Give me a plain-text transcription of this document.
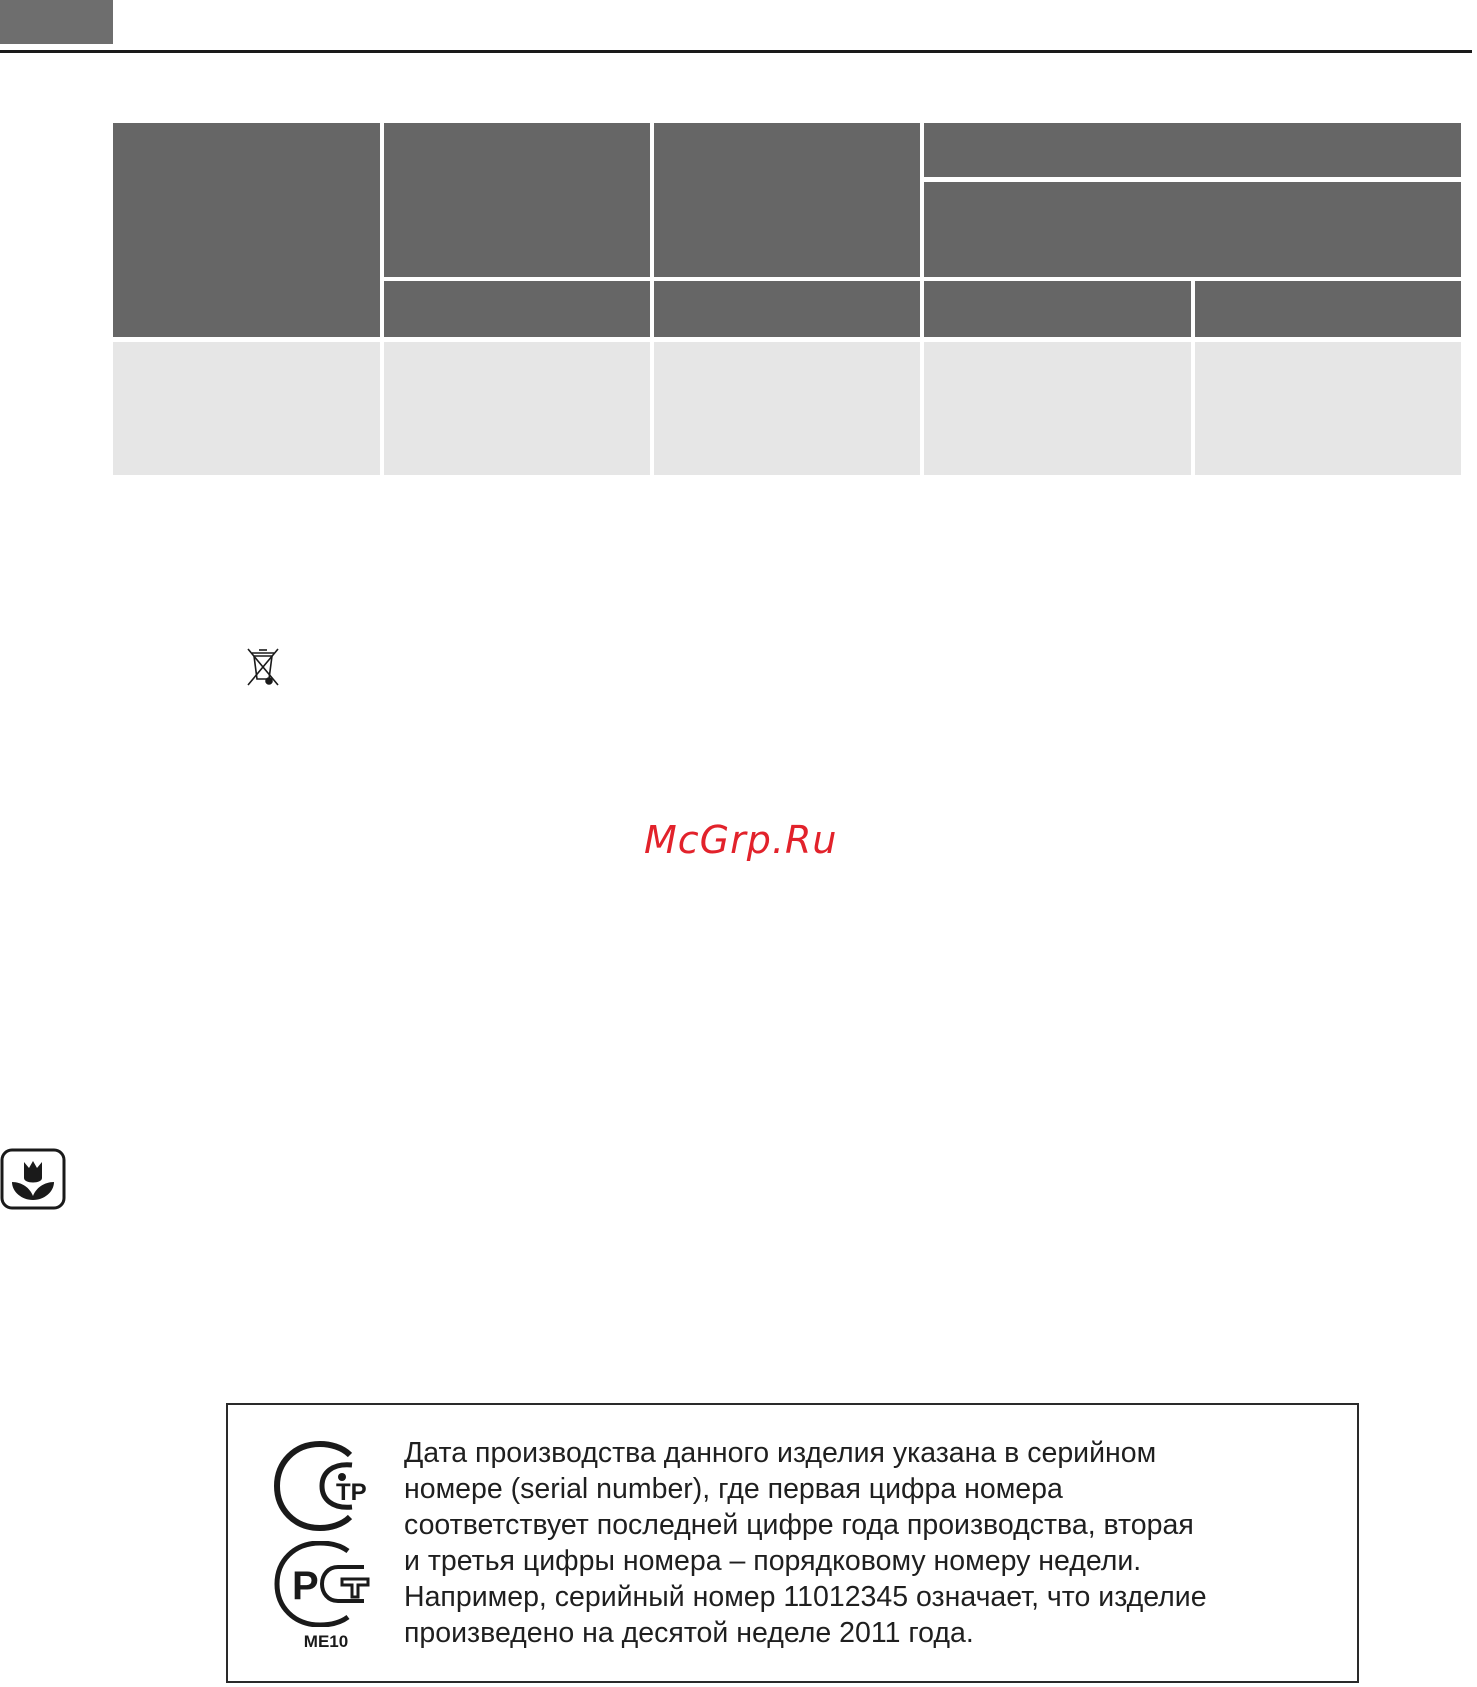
McGrp.Ru
ТР
Р
ME10
Дата производства данного изделия указана в серийном
номере (serial number), где первая цифра номера
соответствует последней цифре года производства, вторая
и третья цифры номера – порядковому номеру недели.
Например, серийный номер 11012345 означает, что изделие
произведено на десятой неделе 2011 года.
